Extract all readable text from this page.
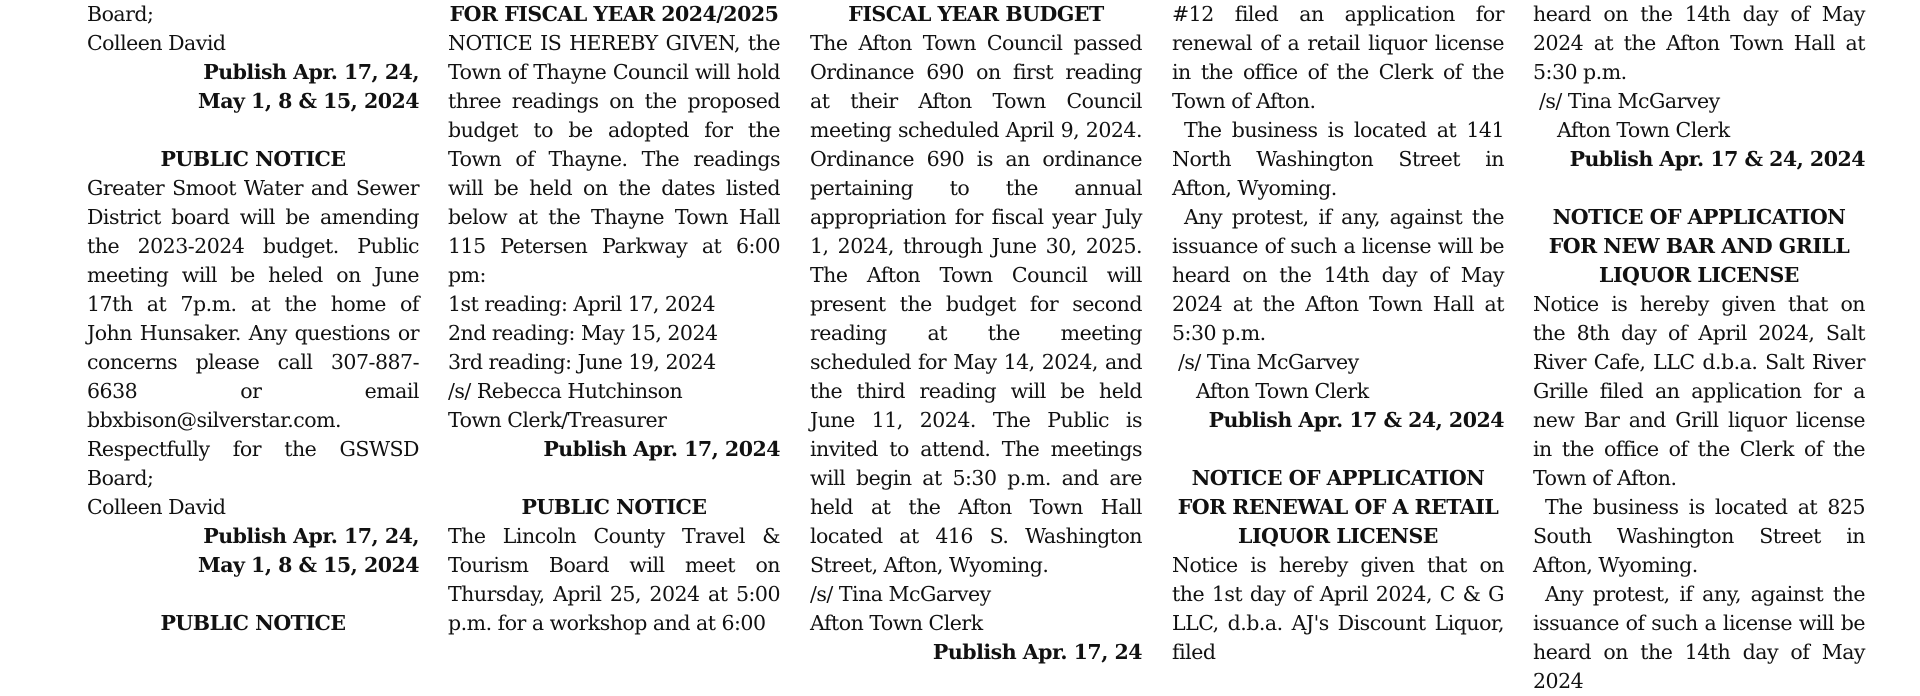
Board;

Colleen David

Publish Apr. 17, 24,
May 1, 8 & 15, 2024

PUBLIC NOTICE

Greater Smoot Water and Sewer District board will be amending the 2023-2024 budget. Public meeting will be heled on June 17th at 7p.m. at the home of John Hunsaker. Any questions or concerns please call 307-887-6638 or email bbxbison@silverstar.com. Respectfully for the GSWSD Board;

Colleen David

Publish Apr. 17, 24,
May 1, 8 & 15, 2024

PUBLIC NOTICE

FOR FISCAL YEAR 2024/2025

NOTICE IS HEREBY GIVEN, the Town of Thayne Council will hold three readings on the proposed budget to be adopted for the Town of Thayne. The readings will be held on the dates listed below at the Thayne Town Hall 115 Petersen Parkway at 6:00 pm:

1st reading: April 17, 2024

2nd reading: May 15, 2024

3rd reading: June 19, 2024

/s/ Rebecca Hutchinson

Town Clerk/Treasurer

Publish Apr. 17, 2024

PUBLIC NOTICE

The Lincoln County Travel & Tourism Board will meet on Thursday, April 25, 2024 at 5:00 p.m. for a workshop and at 6:00

FISCAL YEAR BUDGET

The Afton Town Council passed Ordinance 690 on first reading at their Afton Town Council meeting scheduled April 9, 2024. Ordinance 690 is an ordinance pertaining to the annual appropriation for fiscal year July 1, 2024, through June 30, 2025. The Afton Town Council will present the budget for second reading at the meeting scheduled for May 14, 2024, and the third reading will be held June 11, 2024. The Public is invited to attend. The meetings will begin at 5:30 p.m. and are held at the Afton Town Hall located at 416 S. Washington Street, Afton, Wyoming.

/s/ Tina McGarvey

Afton Town Clerk

Publish Apr. 17, 24

#12 filed an application for renewal of a retail liquor license in the office of the Clerk of the Town of Afton.

The business is located at 141 North Washington Street in Afton, Wyoming.

Any protest, if any, against the issuance of such a license will be heard on the 14th day of May 2024 at the Afton Town Hall at 5:30 p.m.

/s/ Tina McGarvey

Afton Town Clerk

Publish Apr. 17 & 24, 2024

NOTICE OF APPLICATION
FOR RENEWAL OF A RETAIL
LIQUOR LICENSE

Notice is hereby given that on the 1st day of April 2024, C & G LLC, d.b.a. AJ's Discount Liquor, filed

heard on the 14th day of May 2024 at the Afton Town Hall at 5:30 p.m.

/s/ Tina McGarvey

Afton Town Clerk

Publish Apr. 17 & 24, 2024

NOTICE OF APPLICATION
FOR NEW BAR AND GRILL
LIQUOR LICENSE

Notice is hereby given that on the 8th day of April 2024, Salt River Cafe, LLC d.b.a. Salt River Grille filed an application for a new Bar and Grill liquor license in the office of the Clerk of the Town of Afton.

The business is located at 825 South Washington Street in Afton, Wyoming.

Any protest, if any, against the issuance of such a license will be heard on the 14th day of May 2024
